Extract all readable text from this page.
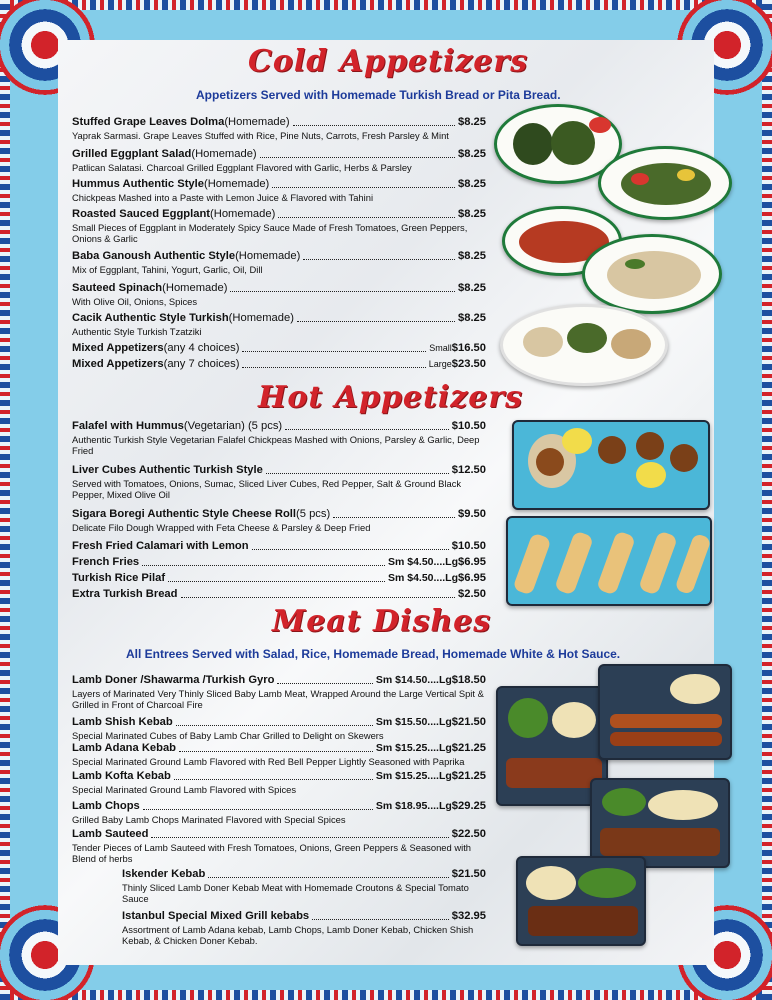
Cold Appetizers
Appetizers Served with Homemade Turkish Bread or Pita Bread.
Stuffed Grape Leaves Dolma (Homemade)	$8.25
Yaprak Sarmasi. Grape Leaves Stuffed with Rice, Pine Nuts, Carrots, Fresh Parsley & Mint
Grilled Eggplant Salad (Homemade)	$8.25
Patlican Salatasi. Charcoal Grilled Eggplant Flavored with Garlic, Herbs & Parsley
Hummus Authentic Style (Homemade)	$8.25
Chickpeas Mashed into a Paste with Lemon Juice & Flavored with Tahini
Roasted Sauced Eggplant (Homemade)	$8.25
Small Pieces of Eggplant in Moderately Spicy Sauce Made of Fresh Tomatoes, Green Peppers, Onions & Garlic
Baba Ganoush Authentic Style (Homemade)	$8.25
Mix of Eggplant, Tahini, Yogurt, Garlic, Oil, Dill
Sauteed Spinach (Homemade)	$8.25
With Olive Oil, Onions, Spices
Cacik Authentic Style Turkish (Homemade)	$8.25
Authentic Style Turkish Tzatziki
Mixed Appetizers (any 4 choices)	Small $16.50
Mixed Appetizers (any 7 choices)	Large $23.50
Hot Appetizers
Falafel with Hummus (Vegetarian) (5 pcs)	$10.50
Authentic Turkish Style Vegetarian Falafel Chickpeas Mashed with Onions, Parsley & Garlic, Deep Fried
Liver Cubes Authentic Turkish Style	$12.50
Served with Tomatoes, Onions, Sumac, Sliced Liver Cubes, Red Pepper, Salt & Ground Black Pepper, Mixed Olive Oil
Sigara Boregi Authentic Style Cheese Roll (5 pcs)	$9.50
Delicate Filo Dough Wrapped with Feta Cheese & Parsley & Deep Fried
Fresh Fried Calamari with Lemon	$10.50
French Fries	Sm $4.50....Lg $6.95
Turkish Rice Pilaf	Sm $4.50....Lg $6.95
Extra Turkish Bread	$2.50
Meat Dishes
All Entrees Served with Salad, Rice, Homemade Bread, Homemade White & Hot Sauce.
Lamb Doner /Shawarma /Turkish Gyro	Sm $14.50....Lg $18.50
Layers of Marinated Very Thinly Sliced Baby Lamb Meat, Wrapped Around the Large Vertical Spit & Grilled in Front of Charcoal Fire
Lamb Shish Kebab	Sm $15.50....Lg $21.50
Special Marinated Cubes of Baby Lamb Char Grilled to Delight on Skewers
Lamb Adana Kebab	Sm $15.25....Lg $21.25
Special Marinated Ground Lamb Flavored with Red Bell Pepper Lightly Seasoned with Paprika
Lamb Kofta Kebab	Sm $15.25....Lg $21.25
Special Marinated Ground Lamb Flavored with Spices
Lamb Chops	Sm $18.95....Lg $29.25
Grilled Baby Lamb Chops Marinated Flavored with Special Spices
Lamb Sauteed	$22.50
Tender Pieces of Lamb Sauteed with Fresh Tomatoes, Onions, Green Peppers & Seasoned with Blend of herbs
Iskender Kebab	$21.50
Thinly Sliced Lamb Doner Kebab Meat with Homemade Croutons & Special Tomato Sauce
Istanbul Special Mixed Grill kebabs	$32.95
Assortment of Lamb Adana kebab, Lamb Chops, Lamb Doner Kebab, Chicken Shish Kebab, & Chicken Doner Kebab.
